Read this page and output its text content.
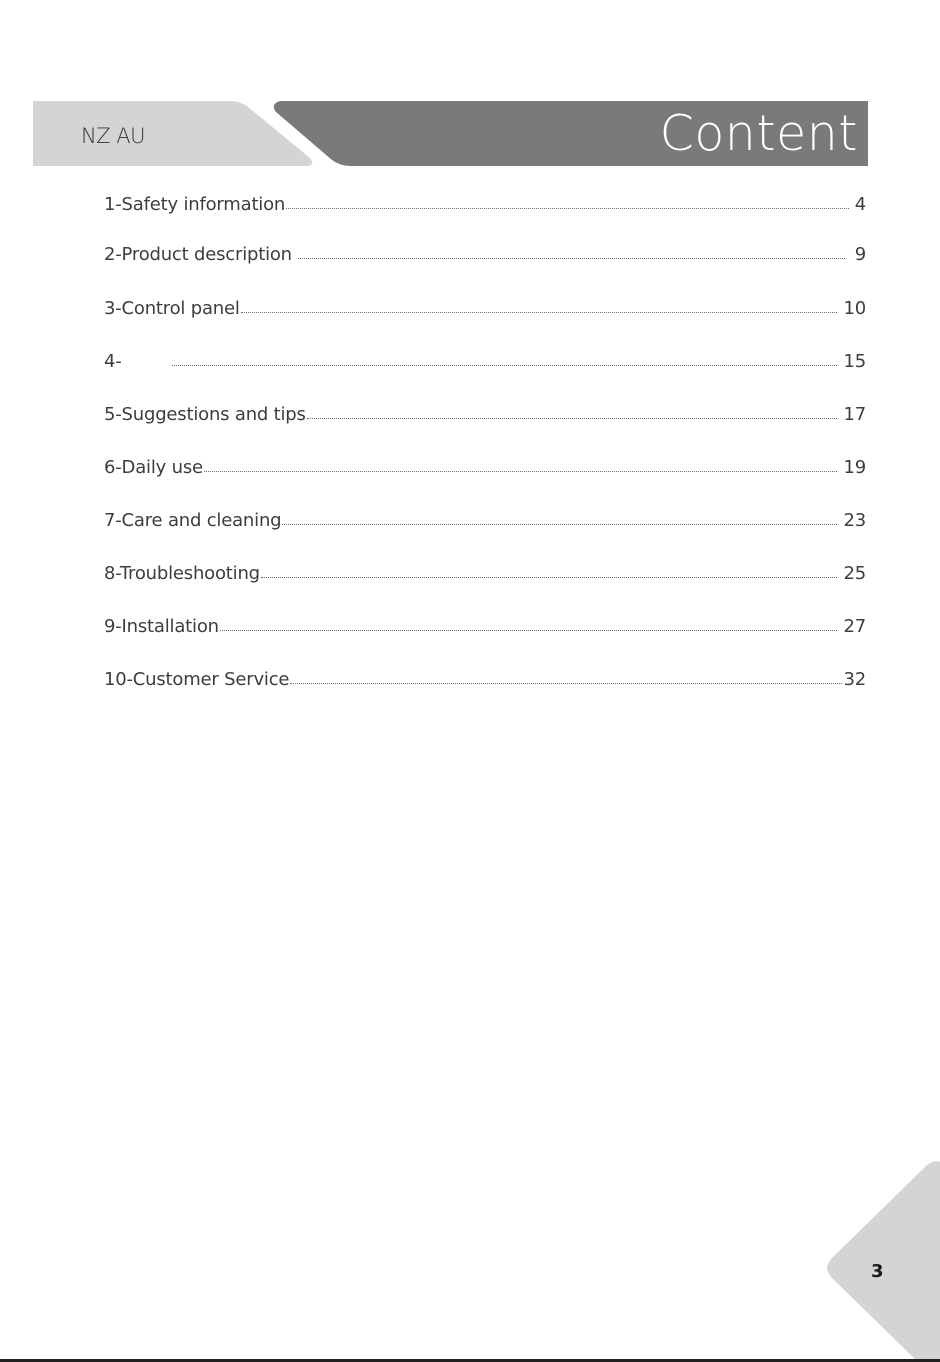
NZ AU	Content
1-Safety information	4
2-Product description	9
3-Control panel	10
4-	15
5-Suggestions and tips	17
6-Daily use	19
7-Care and cleaning	23
8-Troubleshooting	25
9-Installation	27
10-Customer Service	32
3
